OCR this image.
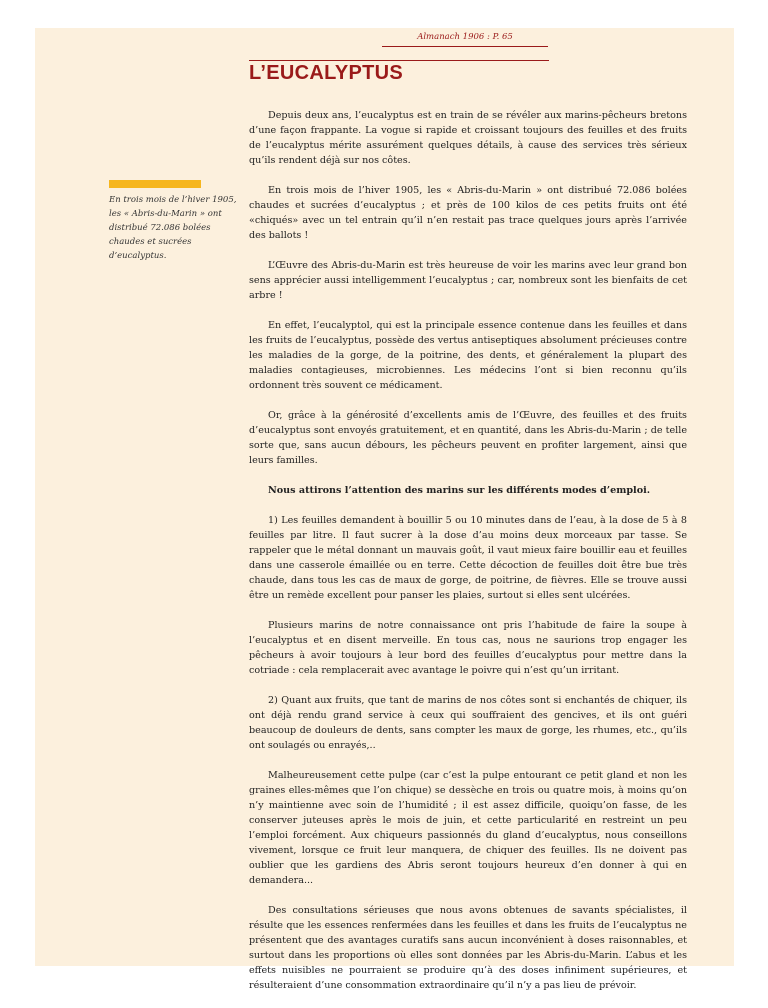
Almanach 1906 : P. 65
L’EUCALYPTUS

En trois mois de l’hiver 1905, les « Abris-du-Marin » ont distribué 72.086 bolées chaudes et sucrées d’eucalyptus.

Depuis deux ans, l’eucalyptus est en train de se révéler aux marins-pêcheurs bretons d’une façon frappante. La vogue si rapide et croissant toujours des feuilles et des fruits de l’eucalyptus mérite assurément quelques détails, à cause des services très sérieux qu’ils rendent déjà sur nos côtes.

En trois mois de l’hiver 1905, les « Abris-du-Marin » ont distribué 72.086 bolées chaudes et sucrées d’eucalyptus ; et près de 100 kilos de ces petits fruits ont été «chiqués» avec un tel entrain qu’il n’en restait pas trace quelques jours après l’arrivée des ballots !

L’Œuvre des Abris-du-Marin est très heureuse de voir les marins avec leur grand bon sens apprécier aussi intelligemment l’eucalyptus ; car, nombreux sont les bienfaits de cet arbre !

En effet, l’eucalyptol, qui est la principale essence contenue dans les feuilles et dans les fruits de l’eucalyptus, possède des vertus antiseptiques absolument précieuses contre les maladies de la gorge, de la poitrine, des dents, et généralement la plupart des maladies contagieuses, microbiennes. Les médecins l’ont si bien reconnu qu’ils ordonnent très souvent ce médicament.

Or, grâce à la générosité d’excellents amis de l’Œuvre, des feuilles et des fruits d’eucalyptus sont envoyés gratuitement, et en quantité, dans les Abris-du-Marin ; de telle sorte que, sans aucun débours, les pêcheurs peuvent en profiter largement, ainsi que leurs familles.

Nous attirons l’attention des marins sur les différents modes d’emploi.

1) Les feuilles demandent à bouillir 5 ou 10 minutes dans de l’eau, à la dose de 5 à 8 feuilles par litre. Il faut sucrer à la dose d’au moins deux morceaux par tasse. Se rappeler que le métal donnant un mauvais goût, il vaut mieux faire bouillir eau et feuilles dans une casserole émaillée ou en terre. Cette décoction de feuilles doit être bue très chaude, dans tous les cas de maux de gorge, de poitrine, de fièvres. Elle se trouve aussi être un remède excellent pour panser les plaies, surtout si elles sent ulcérées.

Plusieurs marins de notre connaissance ont pris l’habitude de faire la soupe à l’eucalyptus et en disent merveille. En tous cas, nous ne saurions trop engager les pêcheurs à avoir toujours à leur bord des feuilles d’eucalyptus pour mettre dans la cotriade : cela remplacerait avec avantage le poivre qui n’est qu’un irritant.

2) Quant aux fruits, que tant de marins de nos côtes sont si enchantés de chiquer, ils ont déjà rendu grand service à ceux qui souffraient des gencives, et ils ont guéri beaucoup de douleurs de dents, sans compter les maux de gorge, les rhumes, etc., qu’ils ont soulagés ou enrayés,..

Malheureusement cette pulpe (car c’est la pulpe entourant ce petit gland et non les graines elles-mêmes que l’on chique) se dessèche en trois ou quatre mois, à moins qu’on n’y maintienne avec soin de l’humidité ; il est assez difficile, quoiqu’on fasse, de les conserver juteuses après le mois de juin, et cette particularité en restreint un peu l’emploi forcément. Aux chiqueurs passionnés du gland d’eucalyptus, nous conseillons vivement, lorsque ce fruit leur manquera, de chiquer des feuilles. Ils ne doivent pas oublier que les gardiens des Abris seront toujours heureux d’en donner à qui en demandera...

Des consultations sérieuses que nous avons obtenues de savants spécialistes, il résulte que les essences renfermées dans les feuilles et dans les fruits de l’eucalyptus ne présentent que des avantages curatifs sans aucun inconvénient à doses raisonnables, et surtout dans les proportions où elles sont données par les Abris-du-Marin. L’abus et les effets nuisibles ne pourraient se produire qu’à des doses infiniment supérieures, et résulteraient d’une consommation extraordinaire qu’il n’y a pas lieu de prévoir.
